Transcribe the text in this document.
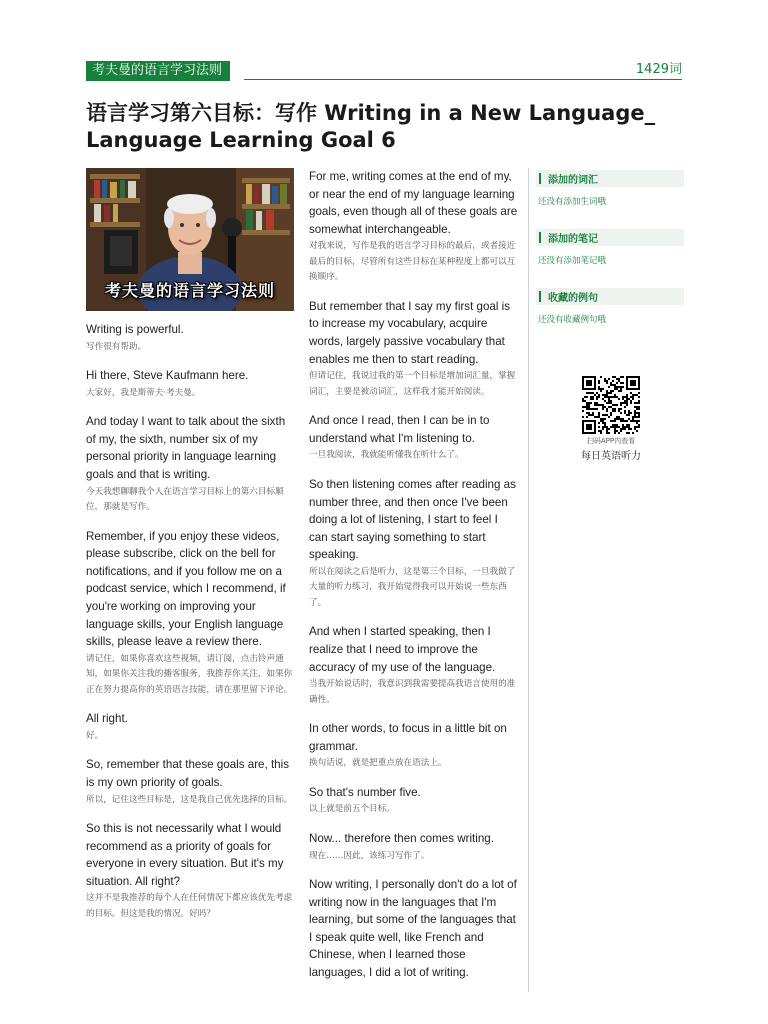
考夫曼的语言学习法则	1429词
语言学习第六目标：写作 Writing in a New Language_ Language Learning Goal 6
考夫曼的语言学习法则
Writing is powerful.
写作很有帮助。
Hi there, Steve Kaufmann here.
大家好，我是斯蒂夫·考夫曼。
And today I want to talk about the sixth of my, the sixth, number six of my personal priority in language learning goals and that is writing.
今天我想聊聊我个人在语言学习目标上的第六目标顺位，那就是写作。
Remember, if you enjoy these videos, please subscribe, click on the bell for notifications, and if you follow me on a podcast service, which I recommend, if you're working on improving your language skills, your English language skills, please leave a review there.
请记住，如果你喜欢这些视频，请订阅，点击铃声通知，如果你关注我的播客服务，我推荐你关注，如果你正在努力提高你的英语语言技能，请在那里留下评论。
All right.
好。
So, remember that these goals are, this is my own priority of goals.
所以，记住这些目标是，这是我自己优先选择的目标。
So this is not necessarily what I would recommend as a priority of goals for everyone in every situation. But it's my situation. All right?
这并不是我推荐的每个人在任何情况下都应该优先考虑的目标。但这是我的情况。好吗？
For me, writing comes at the end of my, or near the end of my language learning goals, even though all of these goals are somewhat interchangeable.
对我来说，写作是我的语言学习目标的最后，或者接近最后的目标，尽管所有这些目标在某种程度上都可以互换顺序。
But remember that I say my first goal is to increase my vocabulary, acquire words, largely passive vocabulary that enables me then to start reading.
但请记住，我说过我的第一个目标是增加词汇量，掌握词汇，主要是被动词汇，这样我才能开始阅读。
And once I read, then I can be in to understand what I'm listening to.
一旦我阅读，我就能听懂我在听什么了。
So then listening comes after reading as number three, and then once I've been doing a lot of listening, I start to feel I can start saying something to start speaking.
所以在阅读之后是听力，这是第三个目标，一旦我做了大量的听力练习，我开始觉得我可以开始说一些东西了。
And when I started speaking, then I realize that I need to improve the accuracy of my use of the language.
当我开始说话时，我意识到我需要提高我语言使用的准确性。
In other words, to focus in a little bit on grammar.
换句话说，就是把重点放在语法上。
So that's number five.
以上就是前五个目标。
Now... therefore then comes writing.
现在……因此，该练习写作了。
Now writing, I personally don't do a lot of writing now in the languages that I'm learning, but some of the languages that I speak quite well, like French and Chinese, when I learned those languages, I did a lot of writing.
添加的词汇
还没有添加生词哦
添加的笔记
还没有添加笔记哦
收藏的例句
还没有收藏例句哦
扫码APP内查看
每日英语听力
